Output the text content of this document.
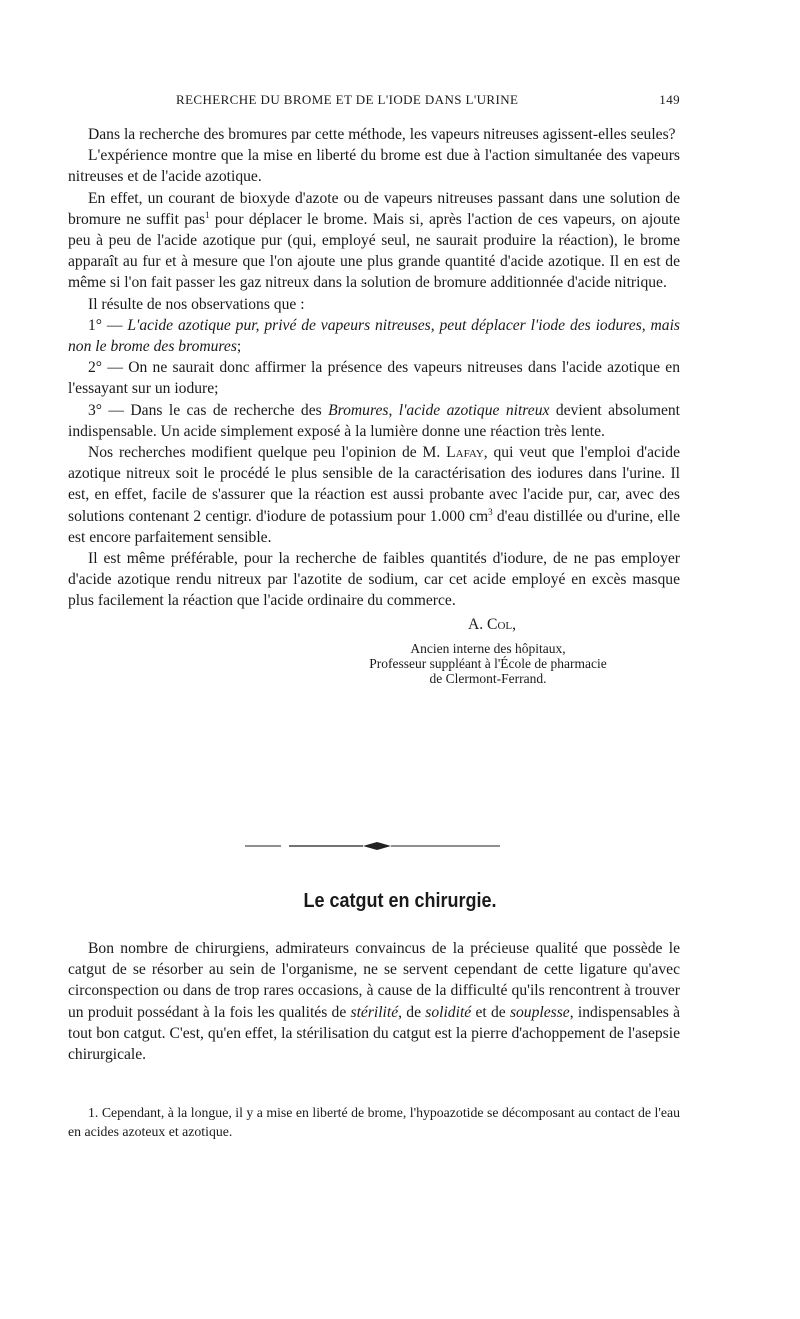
RECHERCHE DU BROME ET DE L'IODE DANS L'URINE	149

Dans la recherche des bromures par cette méthode, les vapeurs nitreuses agissent-elles seules?

L'expérience montre que la mise en liberté du brome est due à l'action simultanée des vapeurs nitreuses et de l'acide azotique.

En effet, un courant de bioxyde d'azote ou de vapeurs nitreuses passant dans une solution de bromure ne suffit pas$^1$ pour déplacer le brome. Mais si, après l'action de ces vapeurs, on ajoute peu à peu de l'acide azotique pur (qui, employé seul, ne saurait produire la réaction), le brome apparaît au fur et à mesure que l'on ajoute une plus grande quantité d'acide azotique. Il en est de même si l'on fait passer les gaz nitreux dans la solution de bromure additionnée d'acide nitrique.

Il résulte de nos observations que :

1° — L'acide azotique pur, privé de vapeurs nitreuses, peut déplacer l'iode des iodures, mais non le brome des bromures;

2° — On ne saurait donc affirmer la présence des vapeurs nitreuses dans l'acide azotique en l'essayant sur un iodure;

3° — Dans le cas de recherche des Bromures, l'acide azotique nitreux devient absolument indispensable. Un acide simplement exposé à la lumière donne une réaction très lente.

Nos recherches modifient quelque peu l'opinion de M. Lafay, qui veut que l'emploi d'acide azotique nitreux soit le procédé le plus sensible de la caractérisation des iodures dans l'urine. Il est, en effet, facile de s'assurer que la réaction est aussi probante avec l'acide pur, car, avec des solutions contenant 2 centigr. d'iodure de potassium pour 1.000 $cm^3$ d'eau distillée ou d'urine, elle est encore parfaitement sensible.

Il est même préférable, pour la recherche de faibles quantités d'iodure, de ne pas employer d'acide azotique rendu nitreux par l'azotite de sodium, car cet acide employé en excès masque plus facilement la réaction que l'acide ordinaire du commerce.

A. Col,
Ancien interne des hôpitaux,
Professeur suppléant à l'École de pharmacie
de Clermont-Ferrand.
Le catgut en chirurgie.

Bon nombre de chirurgiens, admirateurs convaincus de la précieuse qualité que possède le catgut de se résorber au sein de l'organisme, ne se servent cependant de cette ligature qu'avec circonspection ou dans de trop rares occasions, à cause de la difficulté qu'ils rencontrent à trouver un produit possédant à la fois les qualités de stérilité, de solidité et de souplesse, indispensables à tout bon catgut. C'est, qu'en effet, la stérilisation du catgut est la pierre d'achoppement de l'asepsie chirurgicale.

1. Cependant, à la longue, il y a mise en liberté de brome, l'hypoazotide se décomposant au contact de l'eau en acides azoteux et azotique.
